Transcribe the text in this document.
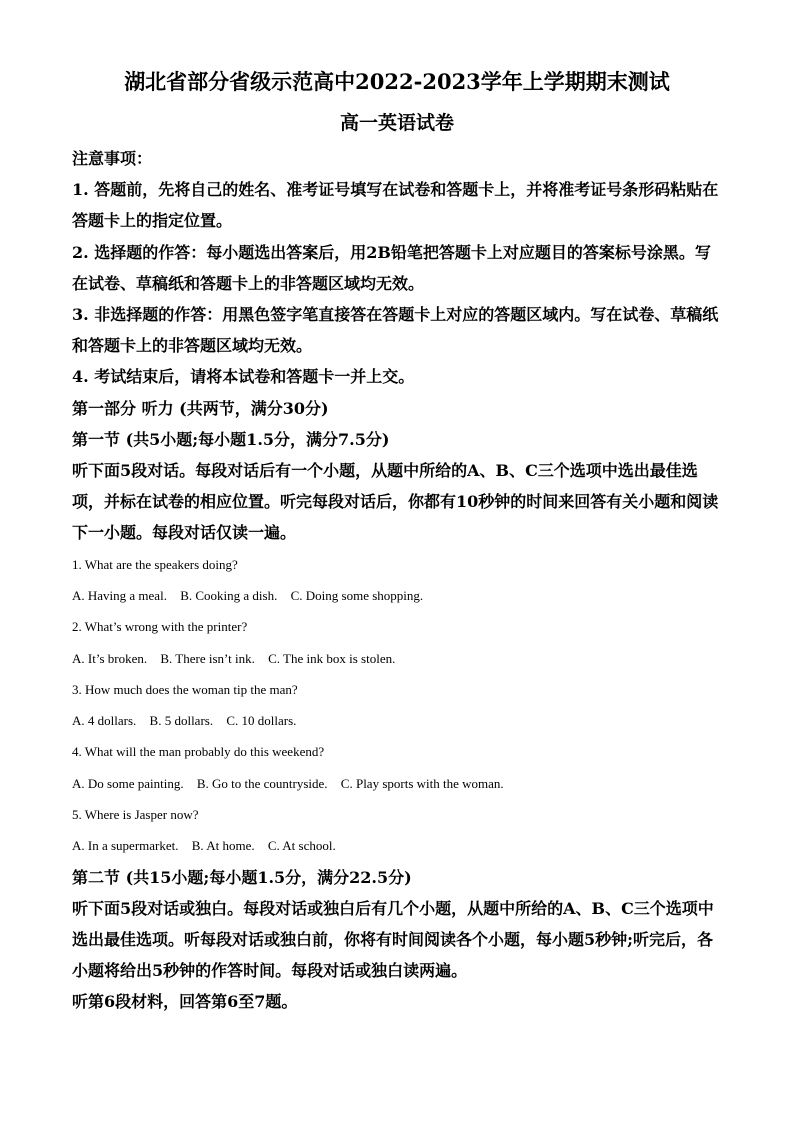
湖北省部分省级示范高中2022-2023学年上学期期末测试
高一英语试卷

注意事项：

1. 答题前，先将自己的姓名、准考证号填写在试卷和答题卡上，并将准考证号条形码粘贴在答题卡上的指定位置。

2. 选择题的作答：每小题选出答案后，用2B铅笔把答题卡上对应题目的答案标号涂黑。写在试卷、草稿纸和答题卡上的非答题区域均无效。

3. 非选择题的作答：用黑色签字笔直接答在答题卡上对应的答题区域内。写在试卷、草稿纸和答题卡上的非答题区域均无效。

4. 考试结束后，请将本试卷和答题卡一并上交。

第一部分 听力 (共两节，满分30分)

第一节 (共5小题;每小题1.5分，满分7.5分)

听下面5段对话。每段对话后有一个小题，从题中所给的A、B、C三个选项中选出最佳选项，并标在试卷的相应位置。听完每段对话后，你都有10秒钟的时间来回答有关小题和阅读下一小题。每段对话仅读一遍。

1. What are the speakers doing?

A. Having a meal. B. Cooking a dish. C. Doing some shopping.

2. What’s wrong with the printer?

A. It’s broken. B. There isn’t ink. C. The ink box is stolen.

3. How much does the woman tip the man?

A. 4 dollars. B. 5 dollars. C. 10 dollars.

4. What will the man probably do this weekend?

A. Do some painting. B. Go to the countryside. C. Play sports with the woman.

5. Where is Jasper now?

A. In a supermarket. B. At home. C. At school.

第二节 (共15小题;每小题1.5分，满分22.5分)

听下面5段对话或独白。每段对话或独白后有几个小题，从题中所给的A、B、C三个选项中选出最佳选项。听每段对话或独白前，你将有时间阅读各个小题，每小题5秒钟;听完后，各小题将给出5秒钟的作答时间。每段对话或独白读两遍。

听第6段材料，回答第6至7题。
